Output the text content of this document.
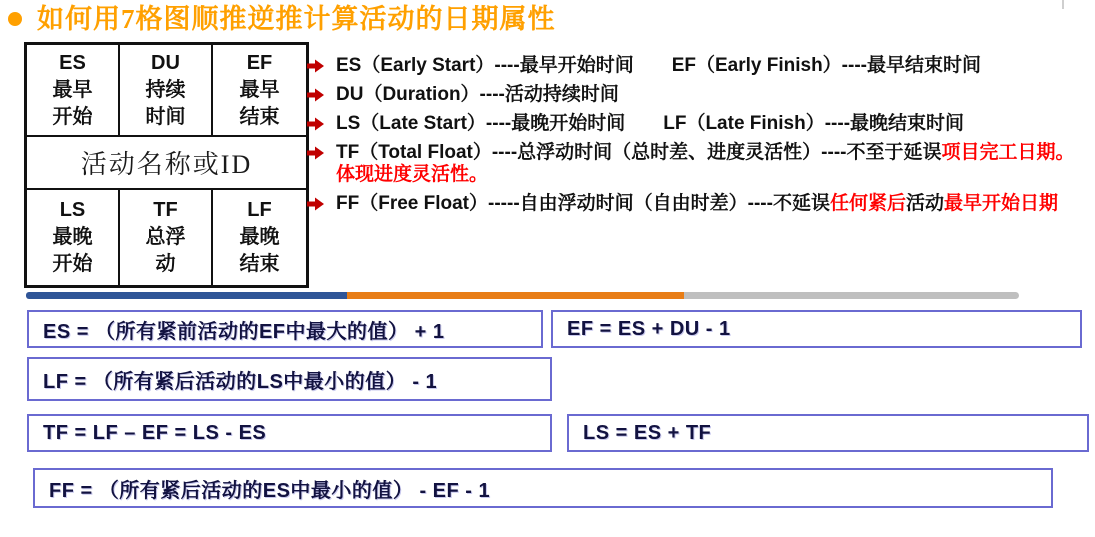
如何用7格图顺推逆推计算活动的日期属性
ES
最早
开始
DU
持续
时间
EF
最早
结束
活动名称或ID
LS
最晚
开始
TF
总浮
动
LF
最晚
结束
ES（Early Start）----最早开始时间 EF（Early Finish）----最早结束时间
DU（Duration）----活动持续时间
LS（Late Start）----最晚开始时间 LF（Late Finish）----最晚结束时间
TF（Total Float）----总浮动时间（总时差、进度灵活性）----不至于延误项目完工日期。体现进度灵活性。
FF（Free Float）-----自由浮动时间（自由时差）----不延误任何紧后活动最早开始日期
ES = （所有紧前活动的EF中最大的值） + 1	EF = ES + DU - 1
LF = （所有紧后活动的LS中最小的值） - 1
TF = LF – EF = LS - ES	LS = ES + TF
FF = （所有紧后活动的ES中最小的值） - EF - 1
